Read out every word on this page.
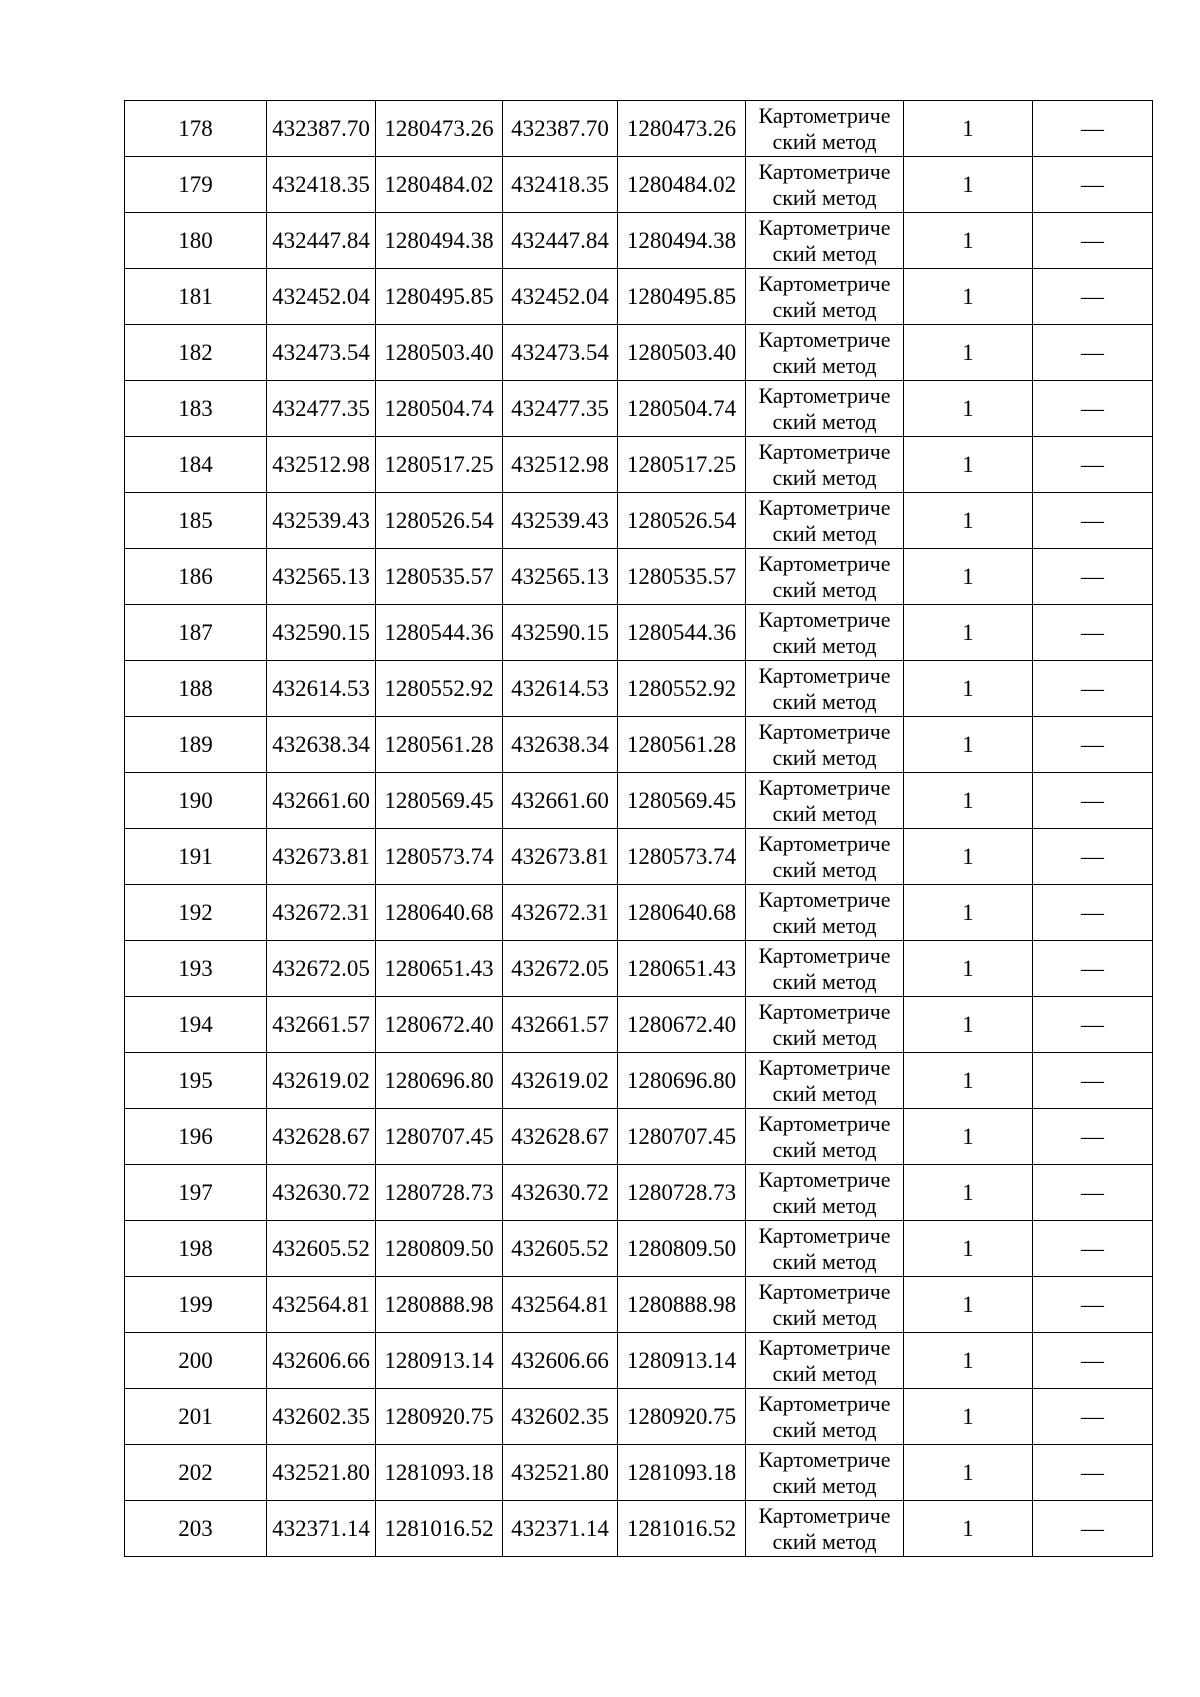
178	432387.70	1280473.26	432387.70	1280473.26	Картометриче
ский метод	1	—
179	432418.35	1280484.02	432418.35	1280484.02	Картометриче
ский метод	1	—
180	432447.84	1280494.38	432447.84	1280494.38	Картометриче
ский метод	1	—
181	432452.04	1280495.85	432452.04	1280495.85	Картометриче
ский метод	1	—
182	432473.54	1280503.40	432473.54	1280503.40	Картометриче
ский метод	1	—
183	432477.35	1280504.74	432477.35	1280504.74	Картометриче
ский метод	1	—
184	432512.98	1280517.25	432512.98	1280517.25	Картометриче
ский метод	1	—
185	432539.43	1280526.54	432539.43	1280526.54	Картометриче
ский метод	1	—
186	432565.13	1280535.57	432565.13	1280535.57	Картометриче
ский метод	1	—
187	432590.15	1280544.36	432590.15	1280544.36	Картометриче
ский метод	1	—
188	432614.53	1280552.92	432614.53	1280552.92	Картометриче
ский метод	1	—
189	432638.34	1280561.28	432638.34	1280561.28	Картометриче
ский метод	1	—
190	432661.60	1280569.45	432661.60	1280569.45	Картометриче
ский метод	1	—
191	432673.81	1280573.74	432673.81	1280573.74	Картометриче
ский метод	1	—
192	432672.31	1280640.68	432672.31	1280640.68	Картометриче
ский метод	1	—
193	432672.05	1280651.43	432672.05	1280651.43	Картометриче
ский метод	1	—
194	432661.57	1280672.40	432661.57	1280672.40	Картометриче
ский метод	1	—
195	432619.02	1280696.80	432619.02	1280696.80	Картометриче
ский метод	1	—
196	432628.67	1280707.45	432628.67	1280707.45	Картометриче
ский метод	1	—
197	432630.72	1280728.73	432630.72	1280728.73	Картометриче
ский метод	1	—
198	432605.52	1280809.50	432605.52	1280809.50	Картометриче
ский метод	1	—
199	432564.81	1280888.98	432564.81	1280888.98	Картометриче
ский метод	1	—
200	432606.66	1280913.14	432606.66	1280913.14	Картометриче
ский метод	1	—
201	432602.35	1280920.75	432602.35	1280920.75	Картометриче
ский метод	1	—
202	432521.80	1281093.18	432521.80	1281093.18	Картометриче
ский метод	1	—
203	432371.14	1281016.52	432371.14	1281016.52	Картометриче
ский метод	1	—
